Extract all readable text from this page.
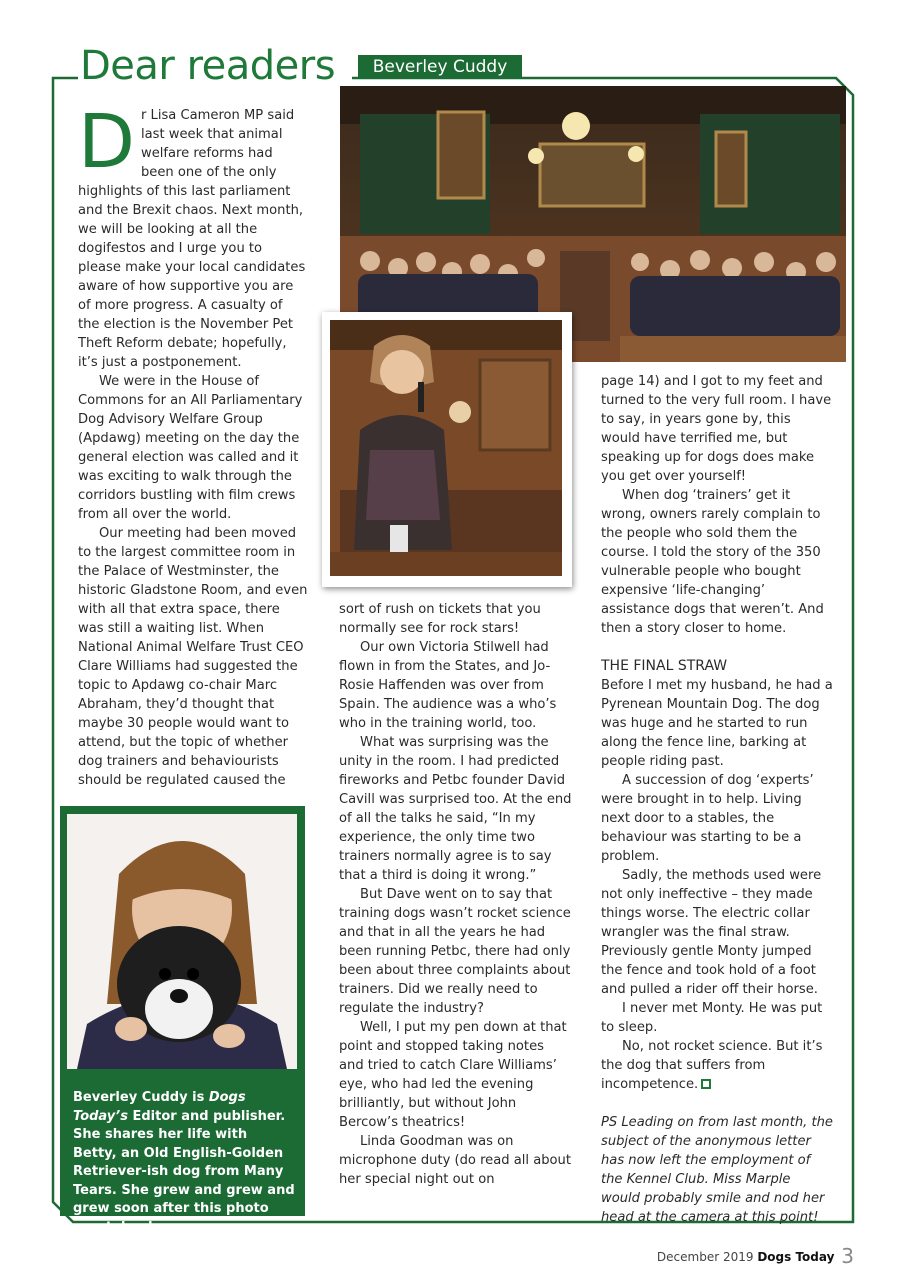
Dear readers	Beverley Cuddy

Dr Lisa Cameron MP said last week that animal welfare reforms had been one of the only highlights of this last parliament and the Brexit chaos. Next month, we will be looking at all the dogifestos and I urge you to please make your local candidates aware of how supportive you are of more progress. A casualty of the election is the November Pet Theft Reform debate; hopefully, it’s just a postponement.

We were in the House of Commons for an All Parliamentary Dog Advisory Welfare Group (Apdawg) meeting on the day the general election was called and it was exciting to walk through the corridors bustling with film crews from all over the world.

Our meeting had been moved to the largest committee room in the Palace of Westminster, the historic Gladstone Room, and even with all that extra space, there was still a waiting list. When National Animal Welfare Trust CEO Clare Williams had suggested the topic to Apdawg co-chair Marc Abraham, they’d thought that maybe 30 people would want to attend, but the topic of whether dog trainers and behaviourists should be regulated caused the

sort of rush on tickets that you normally see for rock stars!

Our own Victoria Stilwell had flown in from the States, and Jo-Rosie Haffenden was over from Spain. The audience was a who’s who in the training world, too.

What was surprising was the unity in the room. I had predicted fireworks and Petbc founder David Cavill was surprised too. At the end of all the talks he said, “In my experience, the only time two trainers normally agree is to say that a third is doing it wrong.”

But Dave went on to say that training dogs wasn’t rocket science and that in all the years he had been running Petbc, there had only been about three complaints about trainers. Did we really need to regulate the industry?

Well, I put my pen down at that point and stopped taking notes and tried to catch Clare Williams’ eye, who had led the evening brilliantly, but without John Bercow’s theatrics!

Linda Goodman was on microphone duty (do read all about her special night out on

page 14) and I got to my feet and turned to the very full room. I have to say, in years gone by, this would have terrified me, but speaking up for dogs does make you get over yourself!

When dog ‘trainers’ get it wrong, owners rarely complain to the people who sold them the course. I told the story of the 350 vulnerable people who bought expensive ‘life-changing’ assistance dogs that weren’t. And then a story closer to home.

THE FINAL STRAW

Before I met my husband, he had a Pyrenean Mountain Dog. The dog was huge and he started to run along the fence line, barking at people riding past.

A succession of dog ‘experts’ were brought in to help. Living next door to a stables, the behaviour was starting to be a problem.

Sadly, the methods used were not only ineffective – they made things worse. The electric collar wrangler was the final straw. Previously gentle Monty jumped the fence and took hold of a foot and pulled a rider off their horse.

I never met Monty. He was put to sleep.

No, not rocket science. But it’s the dog that suffers from incompetence.

PS Leading on from last month, the subject of the anonymous letter has now left the employment of the Kennel Club. Miss Marple would probably smile and nod her head at the camera at this point!

Beverley Cuddy is Dogs Today’s Editor and publisher. She shares her life with Betty, an Old English-Golden Retriever-ish dog from Many Tears. She grew and grew and grew soon after this photo was taken!

December 2019 Dogs Today 3
